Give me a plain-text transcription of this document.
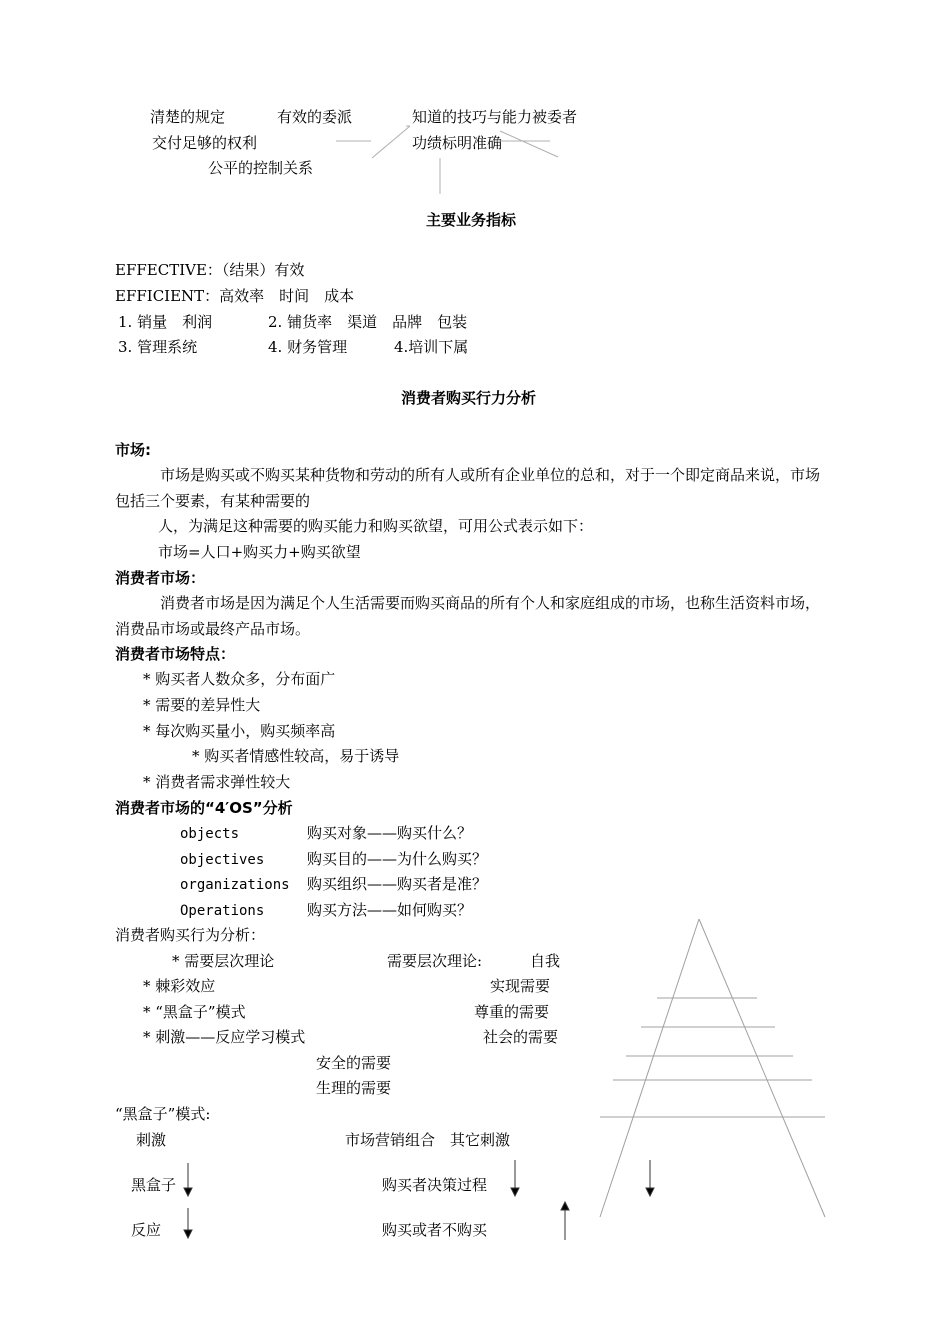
清楚的规定	有效的委派	知道的技巧与能力被委者
交付足够的权利	功绩标明准确
公平的控制关系
主要业务指标
EFFECTIVE：（结果）有效
EFFICIENT：高效率　时间　成本
1. 销量　利润	2. 铺货率　渠道　品牌　包装
3. 管理系统	4. 财务管理	4.培训下属
消费者购买行力分析
市场:
市场是购买或不购买某种货物和劳动的所有人或所有企业单位的总和，对于一个即定商品来说，市场包括三个要素，有某种需要的
人，为满足这种需要的购买能力和购买欲望，可用公式表示如下：
市场=人口+购买力+购买欲望
消费者市场：
消费者市场是因为满足个人生活需要而购买商品的所有个人和家庭组成的市场，也称生活资料市场，消费品市场或最终产品市场。
消费者市场特点：
* 购买者人数众多，分布面广
* 需要的差异性大
* 每次购买量小，购买频率高
* 购买者情感性较高，易于诱导
* 消费者需求弹性较大
消费者市场的“4′OS”分析
objects	购买对象——购买什么？
objectives	购买目的——为什么购买？
organizations 购买组织——购买者是准？
Operations	购买方法——如何购买？
消费者购买行为分析：
* 需要层次理论
* 棘彩效应
* “黑盒子”模式
* 刺激——反应学习模式
需要层次理论:	自我
实现需要
尊重的需要
社会的需要
安全的需要
生理的需要
“黑盒子”模式:
刺激	市场营销组合　其它刺激
黑盒子	购买者决策过程
反应	购买或者不购买
